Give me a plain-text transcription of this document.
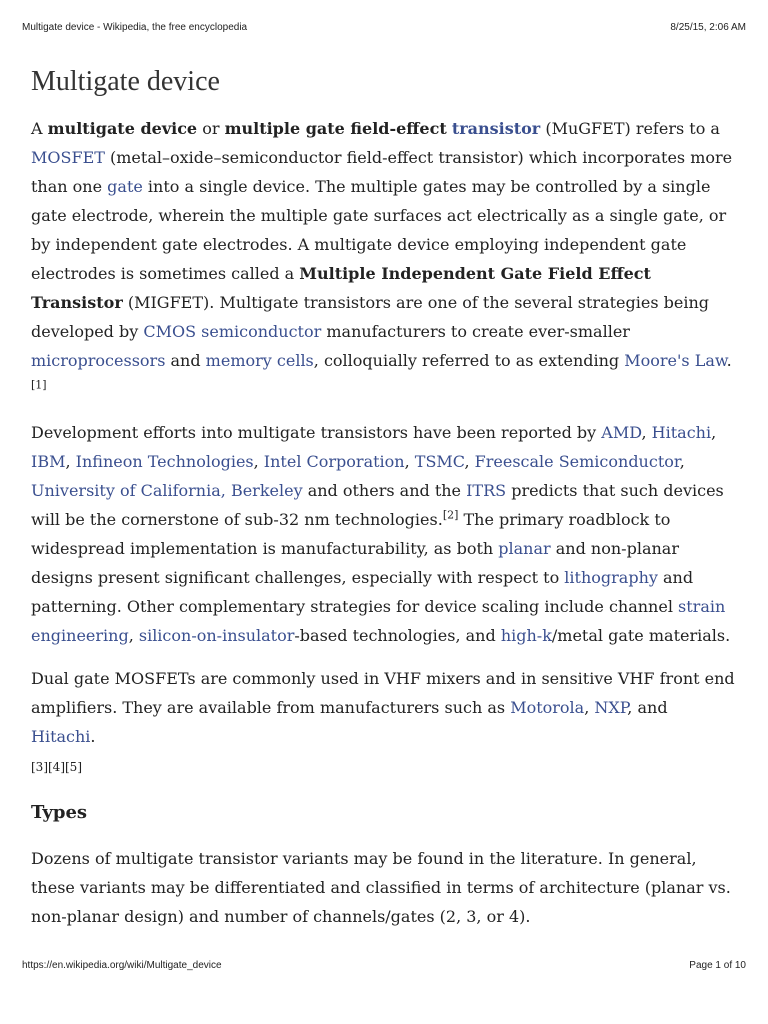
Multigate device - Wikipedia, the free encyclopedia	8/25/15, 2:06 AM
Multigate device

A multigate device or multiple gate field-effect transistor (MuGFET) refers to a MOSFET (metal–oxide–semiconductor field-effect transistor) which incorporates more than one gate into a single device. The multiple gates may be controlled by a single gate electrode, wherein the multiple gate surfaces act electrically as a single gate, or by independent gate electrodes. A multigate device employing independent gate electrodes is sometimes called a Multiple Independent Gate Field Effect Transistor (MIGFET). Multigate transistors are one of the several strategies being developed by CMOS semiconductor manufacturers to create ever-smaller microprocessors and memory cells, colloquially referred to as extending Moore's Law.[1]

Development efforts into multigate transistors have been reported by AMD, Hitachi, IBM, Infineon Technologies, Intel Corporation, TSMC, Freescale Semiconductor, University of California, Berkeley and others and the ITRS predicts that such devices will be the cornerstone of sub-32 nm technologies.[2] The primary roadblock to widespread implementation is manufacturability, as both planar and non-planar designs present significant challenges, especially with respect to lithography and patterning. Other complementary strategies for device scaling include channel strain engineering, silicon-on-insulator-based technologies, and high-k/metal gate materials.

Dual gate MOSFETs are commonly used in VHF mixers and in sensitive VHF front end amplifiers. They are available from manufacturers such as Motorola, NXP, and Hitachi.
[3][4][5]

Types

Dozens of multigate transistor variants may be found in the literature. In general, these variants may be differentiated and classified in terms of architecture (planar vs. non-planar design) and number of channels/gates (2, 3, or 4).

https://en.wikipedia.org/wiki/Multigate_device	Page 1 of 10
